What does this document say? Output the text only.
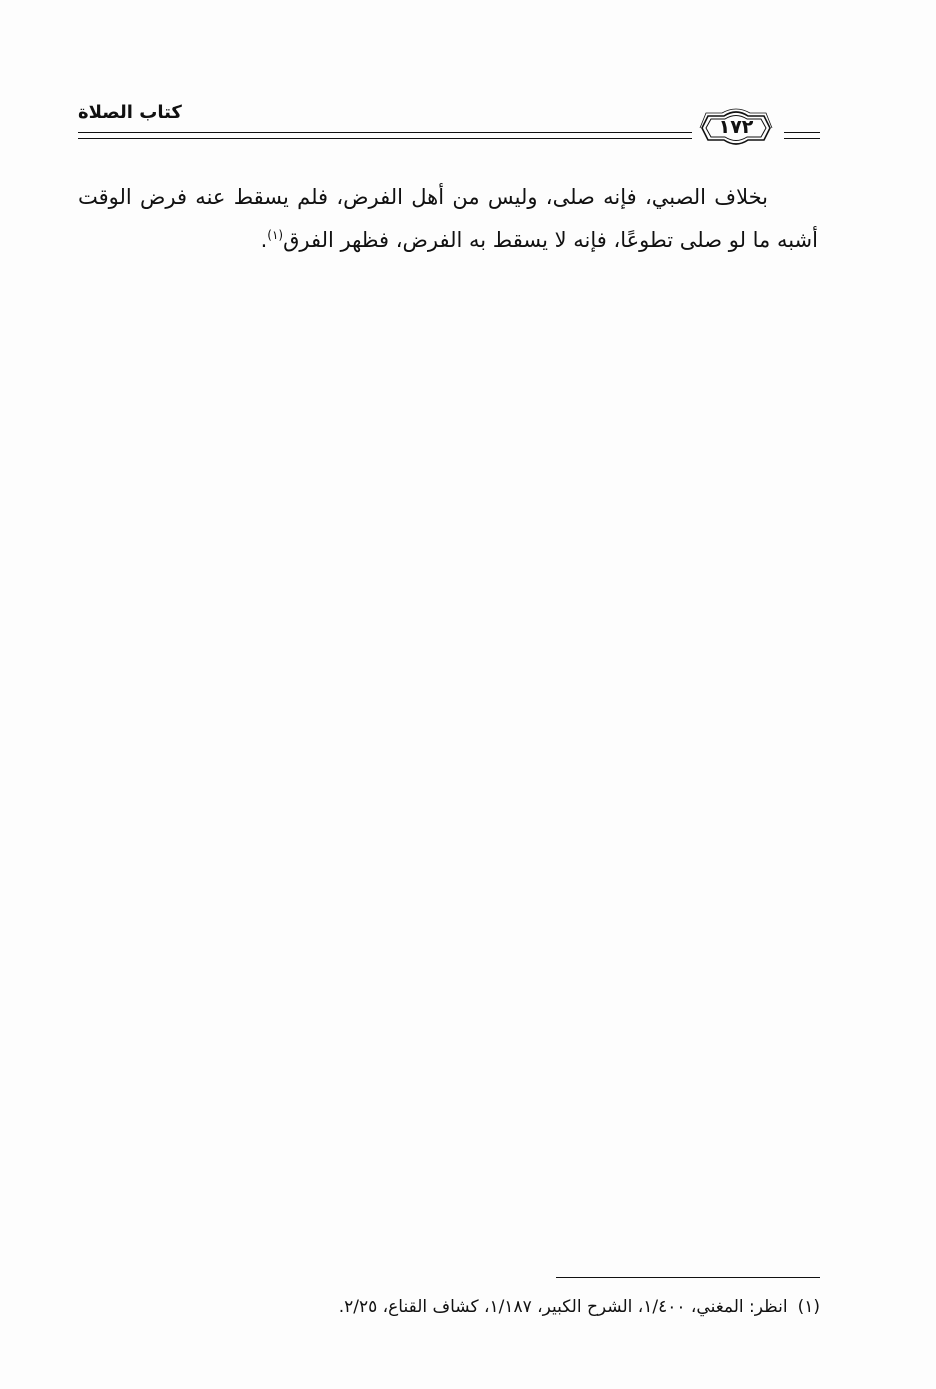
كتاب الصلاة
١٧٢

بخلاف الصبي، فإنه صلى، وليس من أهل الفرض، فلم يسقط عنه فرض الوقت أشبه ما لو صلى تطوعًا، فإنه لا يسقط به الفرض، فظهر الفرق$^{(١)}$.

(١)انظر: المغني، ١/٤٠٠، الشرح الكبير، ١/١٨٧، كشاف القناع، ٢/٢٥.
